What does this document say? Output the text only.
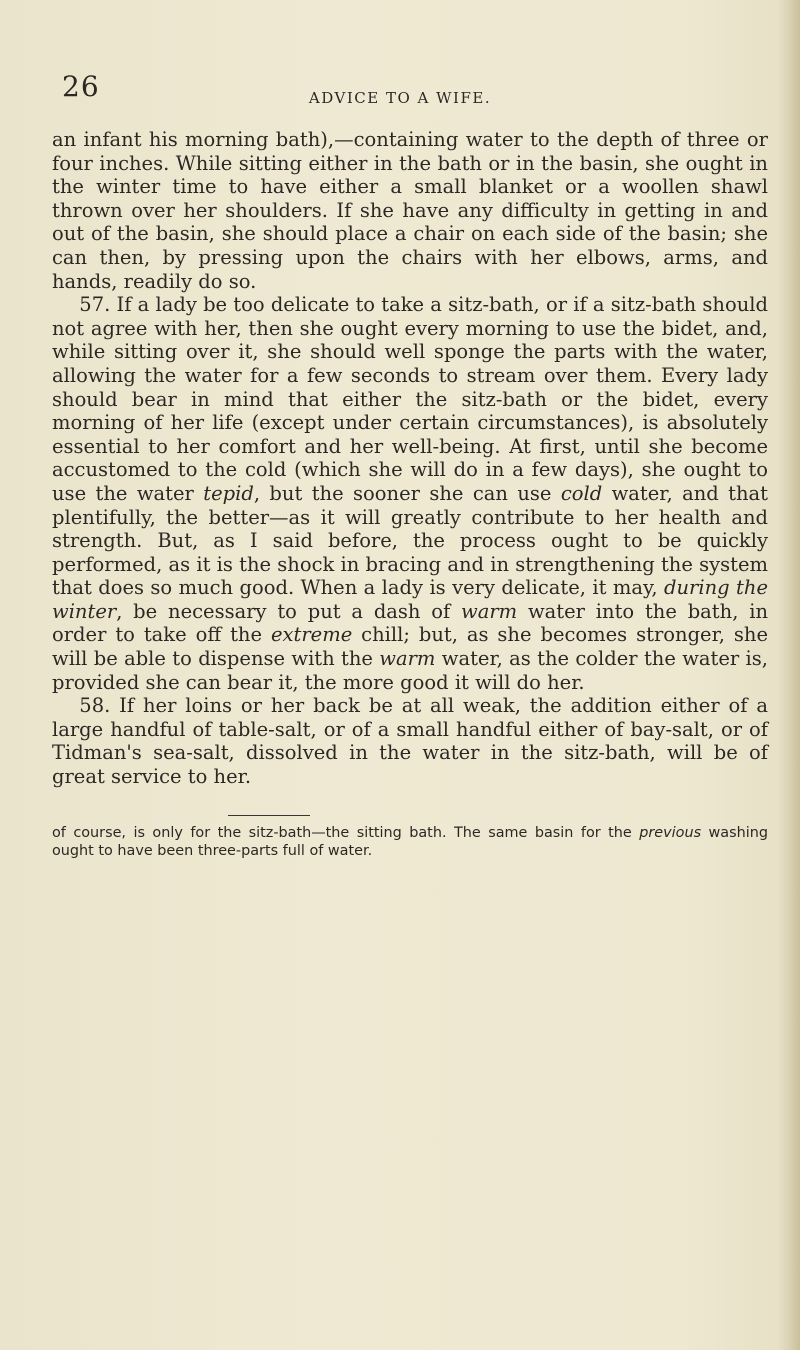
26	ADVICE TO A WIFE.

an infant his morning bath),—containing water to the depth of three or four inches. While sitting either in the bath or in the basin, she ought in the winter time to have either a small blanket or a woollen shawl thrown over her shoulders. If she have any difficulty in getting in and out of the basin, she should place a chair on each side of the basin; she can then, by pressing upon the chairs with her elbows, arms, and hands, readily do so.

57. If a lady be too delicate to take a sitz-bath, or if a sitz-bath should not agree with her, then she ought every morning to use the bidet, and, while sitting over it, she should well sponge the parts with the water, allowing the water for a few seconds to stream over them. Every lady should bear in mind that either the sitz-bath or the bidet, every morning of her life (except under certain circumstances), is absolutely essential to her comfort and her well-being. At first, until she become accustomed to the cold (which she will do in a few days), she ought to use the water tepid, but the sooner she can use cold water, and that plentifully, the better—as it will greatly contribute to her health and strength. But, as I said before, the process ought to be quickly performed, as it is the shock in bracing and in strengthening the system that does so much good. When a lady is very delicate, it may, during the winter, be necessary to put a dash of warm water into the bath, in order to take off the extreme chill; but, as she becomes stronger, she will be able to dispense with the warm water, as the colder the water is, provided she can bear it, the more good it will do her.

58. If her loins or her back be at all weak, the addition either of a large handful of table-salt, or of a small handful either of bay-salt, or of Tidman's sea-salt, dissolved in the water in the sitz-bath, will be of great service to her.

of course, is only for the sitz-bath—the sitting bath. The same basin for the previous washing ought to have been three-parts full of water.
